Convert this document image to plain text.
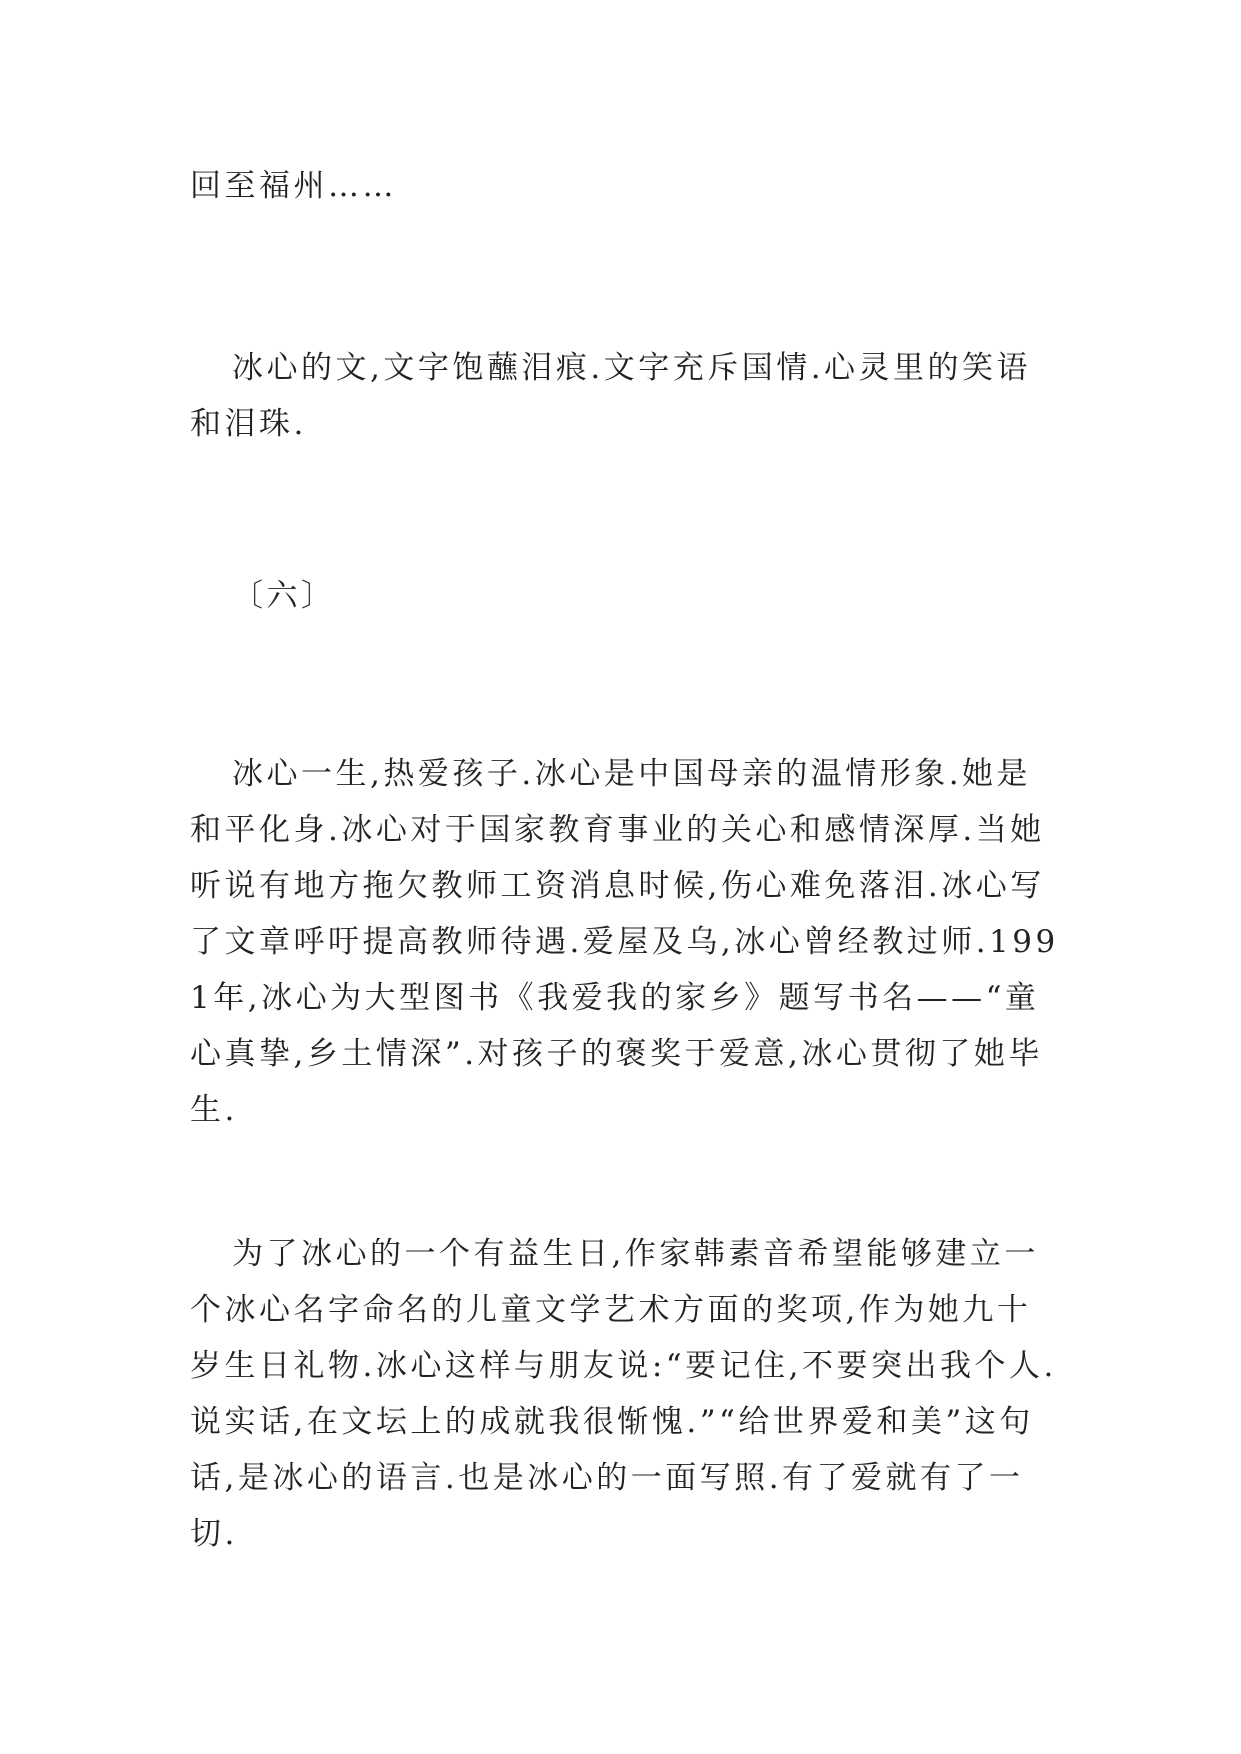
回至福州……

冰心的文,文字饱蘸泪痕.文字充斥国情.心灵里的笑语和泪珠.

〔六〕

冰心一生,热爱孩子.冰心是中国母亲的温情形象.她是和平化身.冰心对于国家教育事业的关心和感情深厚.当她听说有地方拖欠教师工资消息时候,伤心难免落泪.冰心写了文章呼吁提高教师待遇.爱屋及乌,冰心曾经教过师.1991年,冰心为大型图书《我爱我的家乡》题写书名——“童心真挚,乡土情深”.对孩子的褒奖于爱意,冰心贯彻了她毕生.

为了冰心的一个有益生日,作家韩素音希望能够建立一个冰心名字命名的儿童文学艺术方面的奖项,作为她九十岁生日礼物.冰心这样与朋友说:“要记住,不要突出我个人.说实话,在文坛上的成就我很惭愧.”“给世界爱和美”这句话,是冰心的语言.也是冰心的一面写照.有了爱就有了一切.
